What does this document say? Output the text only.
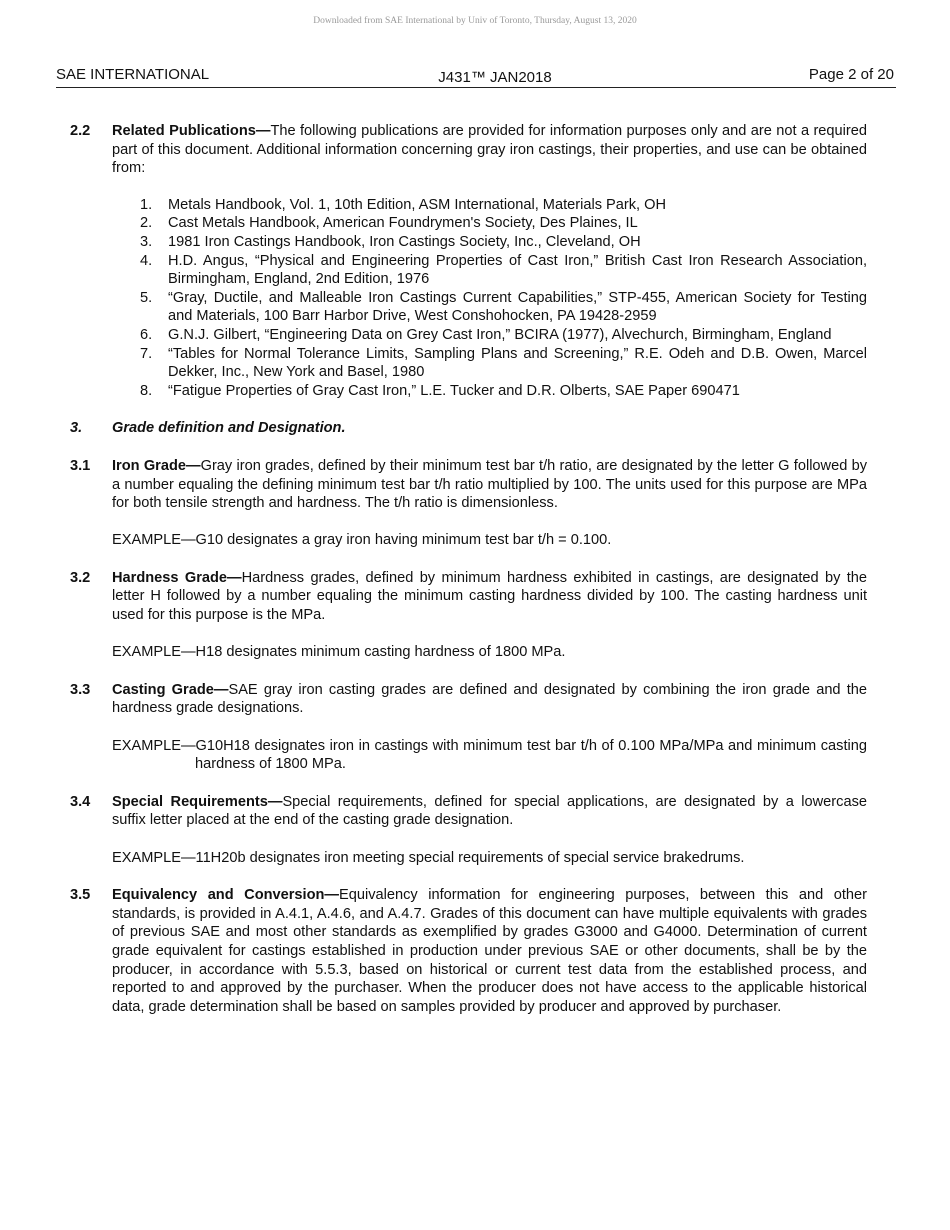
Downloaded from SAE International by Univ of Toronto, Thursday, August 13, 2020
SAE INTERNATIONAL	J431™ JAN2018	Page 2 of 20
2.2 Related Publications—The following publications are provided for information purposes only and are not a required part of this document. Additional information concerning gray iron castings, their properties, and use can be obtained from:
1. Metals Handbook, Vol. 1, 10th Edition, ASM International, Materials Park, OH
2. Cast Metals Handbook, American Foundrymen's Society, Des Plaines, IL
3. 1981 Iron Castings Handbook, Iron Castings Society, Inc., Cleveland, OH
4. H.D. Angus, “Physical and Engineering Properties of Cast Iron,” British Cast Iron Research Association, Birmingham, England, 2nd Edition, 1976
5. “Gray, Ductile, and Malleable Iron Castings Current Capabilities,” STP-455, American Society for Testing and Materials, 100 Barr Harbor Drive, West Conshohocken, PA 19428-2959
6. G.N.J. Gilbert, “Engineering Data on Grey Cast Iron,” BCIRA (1977), Alvechurch, Birmingham, England
7. “Tables for Normal Tolerance Limits, Sampling Plans and Screening,” R.E. Odeh and D.B. Owen, Marcel Dekker, Inc., New York and Basel, 1980
8. “Fatigue Properties of Gray Cast Iron,” L.E. Tucker and D.R. Olberts, SAE Paper 690471
3. Grade definition and Designation.
3.1 Iron Grade—Gray iron grades, defined by their minimum test bar t/h ratio, are designated by the letter G followed by a number equaling the defining minimum test bar t/h ratio multiplied by 100. The units used for this purpose are MPa for both tensile strength and hardness. The t/h ratio is dimensionless.
EXAMPLE—G10 designates a gray iron having minimum test bar t/h = 0.100.
3.2 Hardness Grade—Hardness grades, defined by minimum hardness exhibited in castings, are designated by the letter H followed by a number equaling the minimum casting hardness divided by 100. The casting hardness unit used for this purpose is the MPa.
EXAMPLE—H18 designates minimum casting hardness of 1800 MPa.
3.3 Casting Grade—SAE gray iron casting grades are defined and designated by combining the iron grade and the hardness grade designations.
EXAMPLE—G10H18 designates iron in castings with minimum test bar t/h of 0.100 MPa/MPa and minimum casting hardness of 1800 MPa.
3.4 Special Requirements—Special requirements, defined for special applications, are designated by a lowercase suffix letter placed at the end of the casting grade designation.
EXAMPLE—11H20b designates iron meeting special requirements of special service brakedrums.
3.5 Equivalency and Conversion—Equivalency information for engineering purposes, between this and other standards, is provided in A.4.1, A.4.6, and A.4.7. Grades of this document can have multiple equivalents with grades of previous SAE and most other standards as exemplified by grades G3000 and G4000. Determination of current grade equivalent for castings established in production under previous SAE or other documents, shall be by the producer, in accordance with 5.5.3, based on historical or current test data from the established process, and reported to and approved by the purchaser. When the producer does not have access to the applicable historical data, grade determination shall be based on samples provided by producer and approved by purchaser.
